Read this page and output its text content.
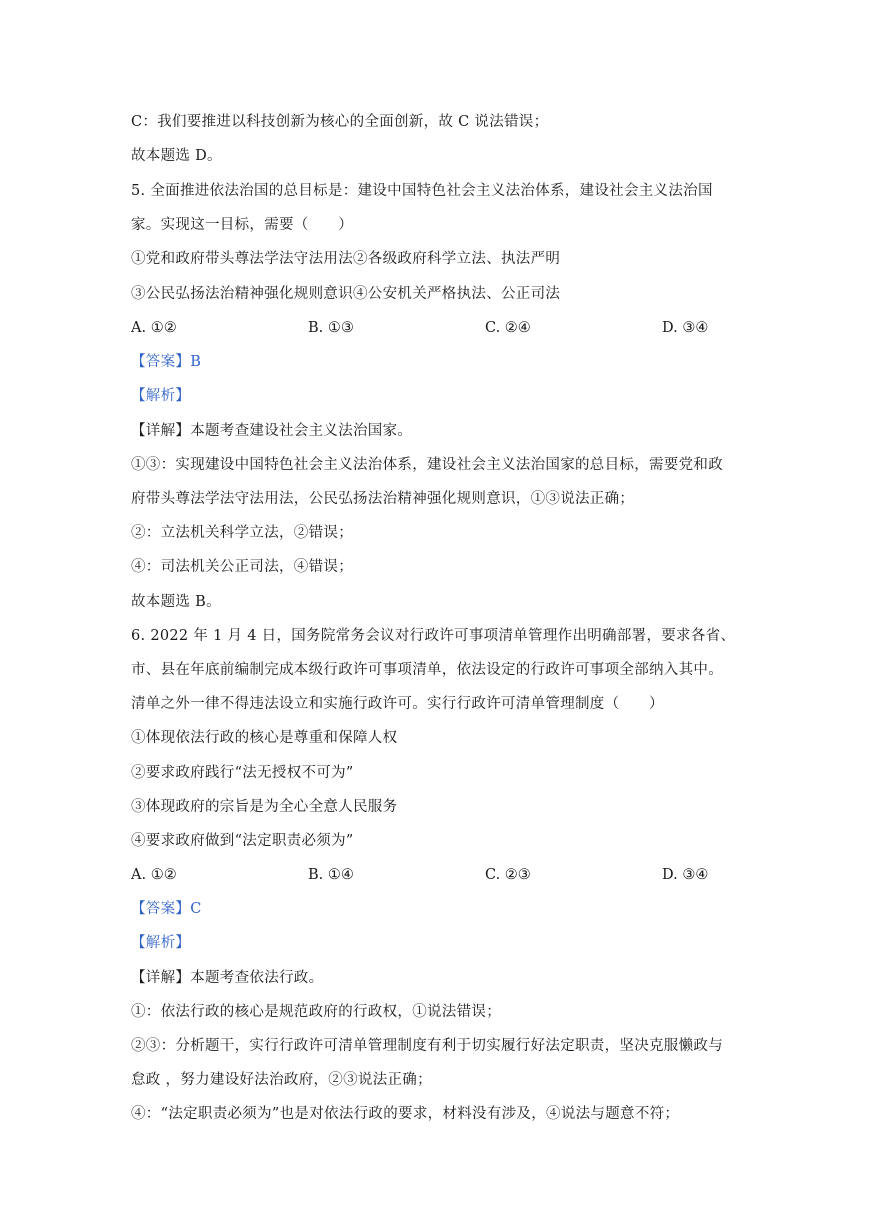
C：我们要推进以科技创新为核心的全面创新，故 C 说法错误；
故本题选 D。
5. 全面推进依法治国的总目标是：建设中国特色社会主义法治体系，建设社会主义法治国
家。实现这一目标，需要（　　）
①党和政府带头尊法学法守法用法②各级政府科学立法、执法严明
③公民弘扬法治精神强化规则意识④公安机关严格执法、公正司法
A. ①②	B. ①③	C. ②④	D. ③④
【答案】B
【解析】
【详解】本题考查建设社会主义法治国家。
①③：实现建设中国特色社会主义法治体系，建设社会主义法治国家的总目标，需要党和政
府带头尊法学法守法用法，公民弘扬法治精神强化规则意识，①③说法正确；
②：立法机关科学立法，②错误；
④：司法机关公正司法，④错误；
故本题选 B。
6. 2022 年 1 月 4 日，国务院常务会议对行政许可事项清单管理作出明确部署，要求各省、
市、县在年底前编制完成本级行政许可事项清单，依法设定的行政许可事项全部纳入其中。
清单之外一律不得违法设立和实施行政许可。实行行政许可清单管理制度（　　）
①体现依法行政的核心是尊重和保障人权
②要求政府践行“法无授权不可为”
③体现政府的宗旨是为全心全意人民服务
④要求政府做到“法定职责必须为”
A. ①②	B. ①④	C. ②③	D. ③④
【答案】C
【解析】
【详解】本题考查依法行政。
①：依法行政的核心是规范政府的行政权，①说法错误；
②③：分析题干，实行行政许可清单管理制度有利于切实履行好法定职责，坚决克服懒政与
怠政 ，努力建设好法治政府，②③说法正确；
④：“法定职责必须为”也是对依法行政的要求，材料没有涉及，④说法与题意不符；
